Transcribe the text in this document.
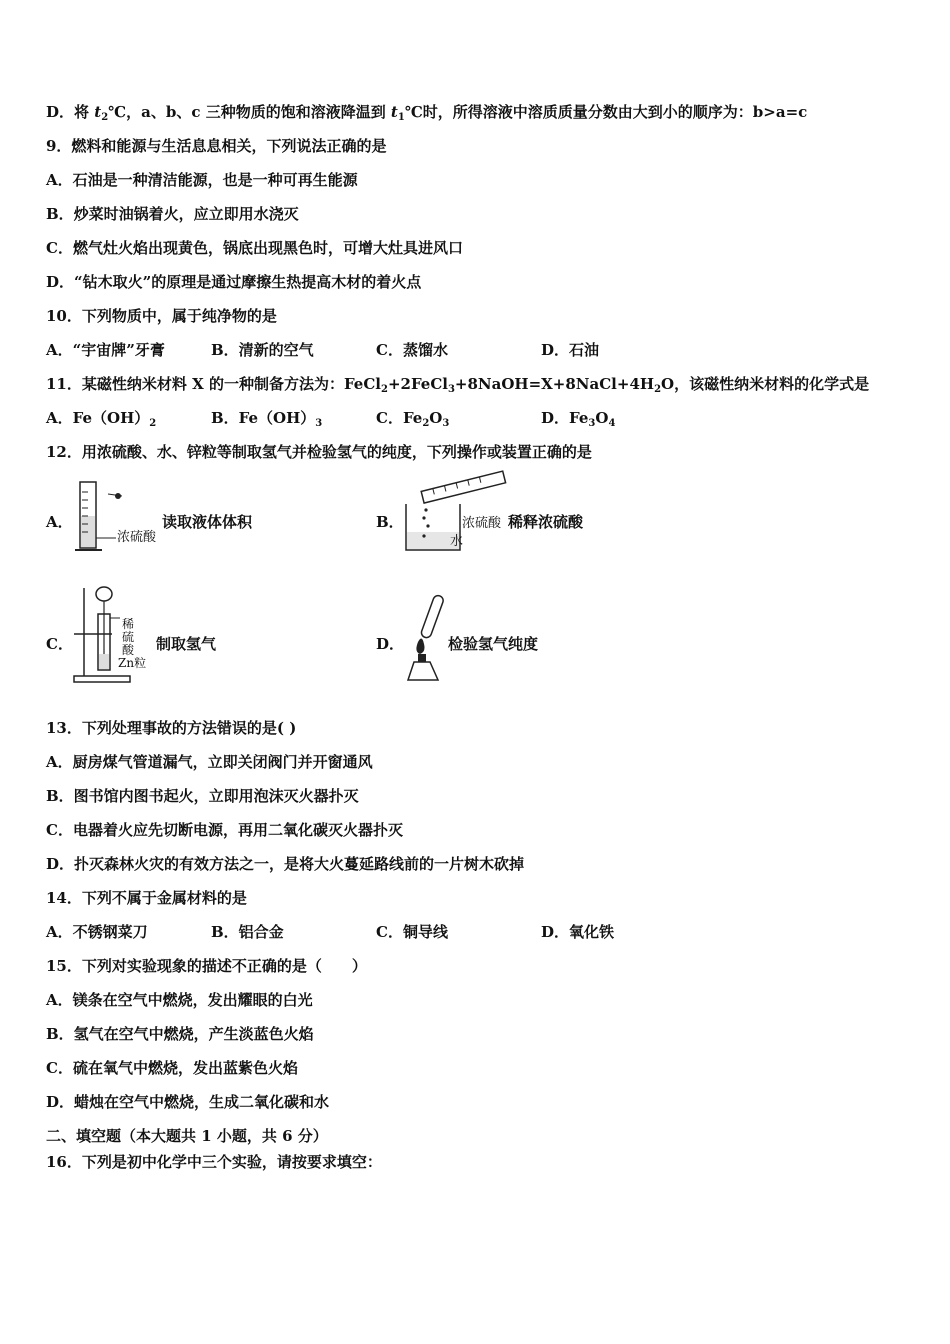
D．将 $t_2℃$，a、b、c 三种物质的饱和溶液降温到 $t_1℃$时，所得溶液中溶质质量分数由大到小的顺序为：b>a=c
9．燃料和能源与生活息息相关，下列说法正确的是
A．石油是一种清洁能源，也是一种可再生能源
B．炒菜时油锅着火，应立即用水浇灭
C．燃气灶火焰出现黄色，锅底出现黑色时，可增大灶具进风口
D．“钻木取火”的原理是通过摩擦生热提高木材的着火点
10．下列物质中，属于纯净物的是
A．“宇宙牌”牙膏	B．清新的空气	C．蒸馏水	D．石油
11．某磁性纳米材料 X 的一种制备方法为：$FeCl_2+2FeCl_3+8NaOH=X+8NaCl+4H_2O$，该磁性纳米材料的化学式是
A．$Fe(OH)_2$	B．$Fe(OH)_3$	C．$Fe_2O_3$	D．$Fe_3O_4$
12．用浓硫酸、水、锌粒等制取氢气并检验氢气的纯度，下列操作或装置正确的是
A．
浓硫酸
读取液体体积	B．	浓硫酸
水
稀释浓硫酸
C．
稀
硫
酸
Zn粒
制取氢气	D．	检验氢气纯度
13．下列处理事故的方法错误的是( )
A．厨房煤气管道漏气，立即关闭阀门并开窗通风
B．图书馆内图书起火，立即用泡沫灭火器扑灭
C．电器着火应先切断电源，再用二氧化碳灭火器扑灭
D．扑灭森林火灾的有效方法之一，是将大火蔓延路线前的一片树木砍掉
14．下列不属于金属材料的是
A．不锈钢菜刀	B．铝合金	C．铜导线	D．氧化铁
15．下列对实验现象的描述不正确的是（　　）
A．镁条在空气中燃烧，发出耀眼的白光
B．氢气在空气中燃烧，产生淡蓝色火焰
C．硫在氧气中燃烧，发出蓝紫色火焰
D．蜡烛在空气中燃烧，生成二氧化碳和水
二、填空题（本大题共 1 小题，共 6 分）
16．下列是初中化学中三个实验，请按要求填空：
